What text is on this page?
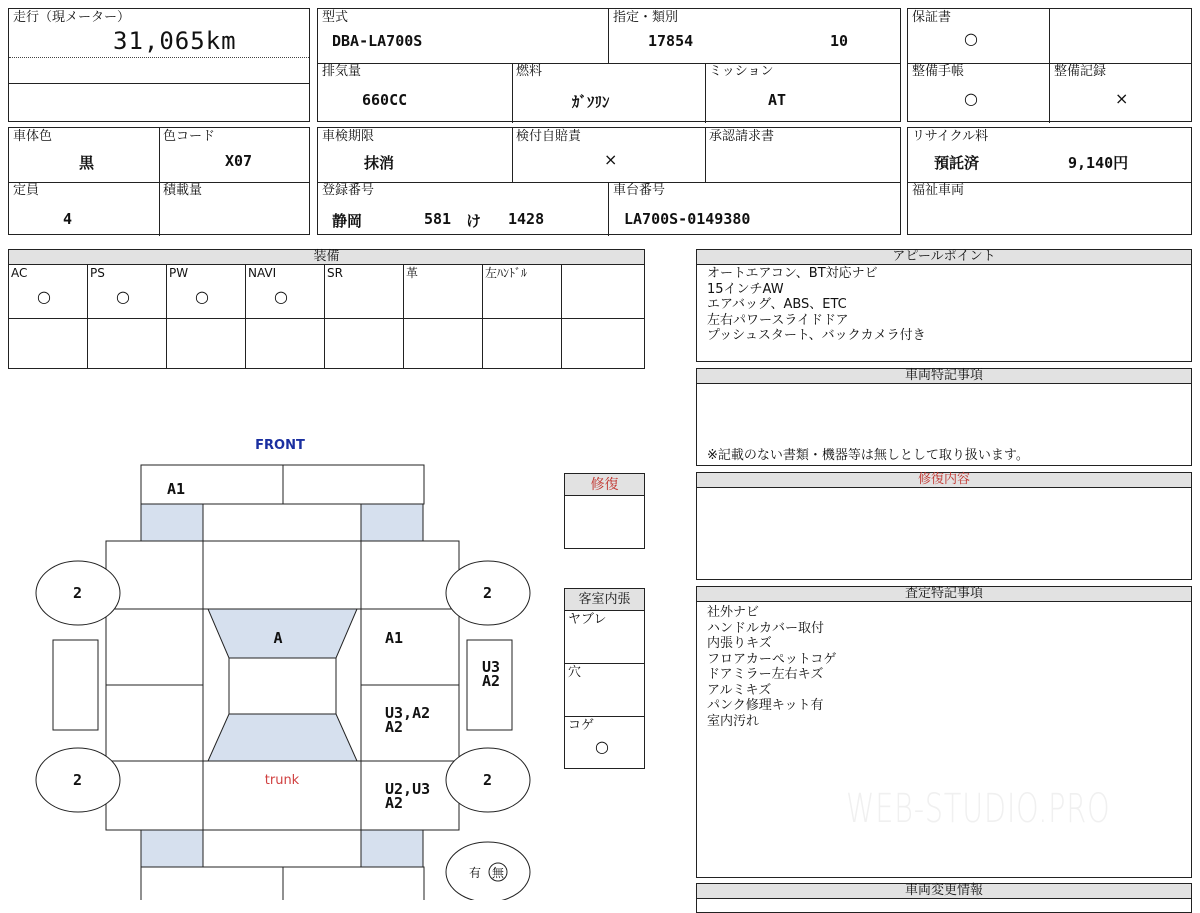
走行（現メーター）
31,065km
型式
DBA-LA700S
指定・類別
17854	10
排気量
660CC
燃料
ｶﾞｿﾘﾝ
ミッション
AT
保証書
○
整備手帳
○
整備記録
×
車体色
黒
色コード
X07
定員
4
積載量
車検期限
抹消
検付自賠責
×
承認請求書
登録番号
静岡	581 け 1428
車台番号
LA700S-0149380
リサイクル料
預託済	9,140円
福祉車両
装備
AC
○
PS
○
PW
○
NAVI
○
SR	革	左ﾊﾝﾄﾞﾙ
アピールポイント
オートエアコン、BT対応ナビ
15インチAW
エアバッグ、ABS、ETC
左右パワースライドドア
プッシュスタート、バックカメラ付き
車両特記事項
※記載のない書類・機器等は無しとして取り扱います。
修復内容
査定特記事項
社外ナビ
ハンドルカバー取付
内張りキズ
フロアカーペットコゲ
ドアミラー左右キズ
アルミキズ
パンク修理キット有
室内汚れ
車両変更情報
WEB-STUDIO.PRO
修復
客室内張
ヤブレ
穴
コゲ
○
FRONT
A1
A	A1
trunk
2	2
2	2
有 無
U3,A2 A2
U2,U3 A2
U3 A2
